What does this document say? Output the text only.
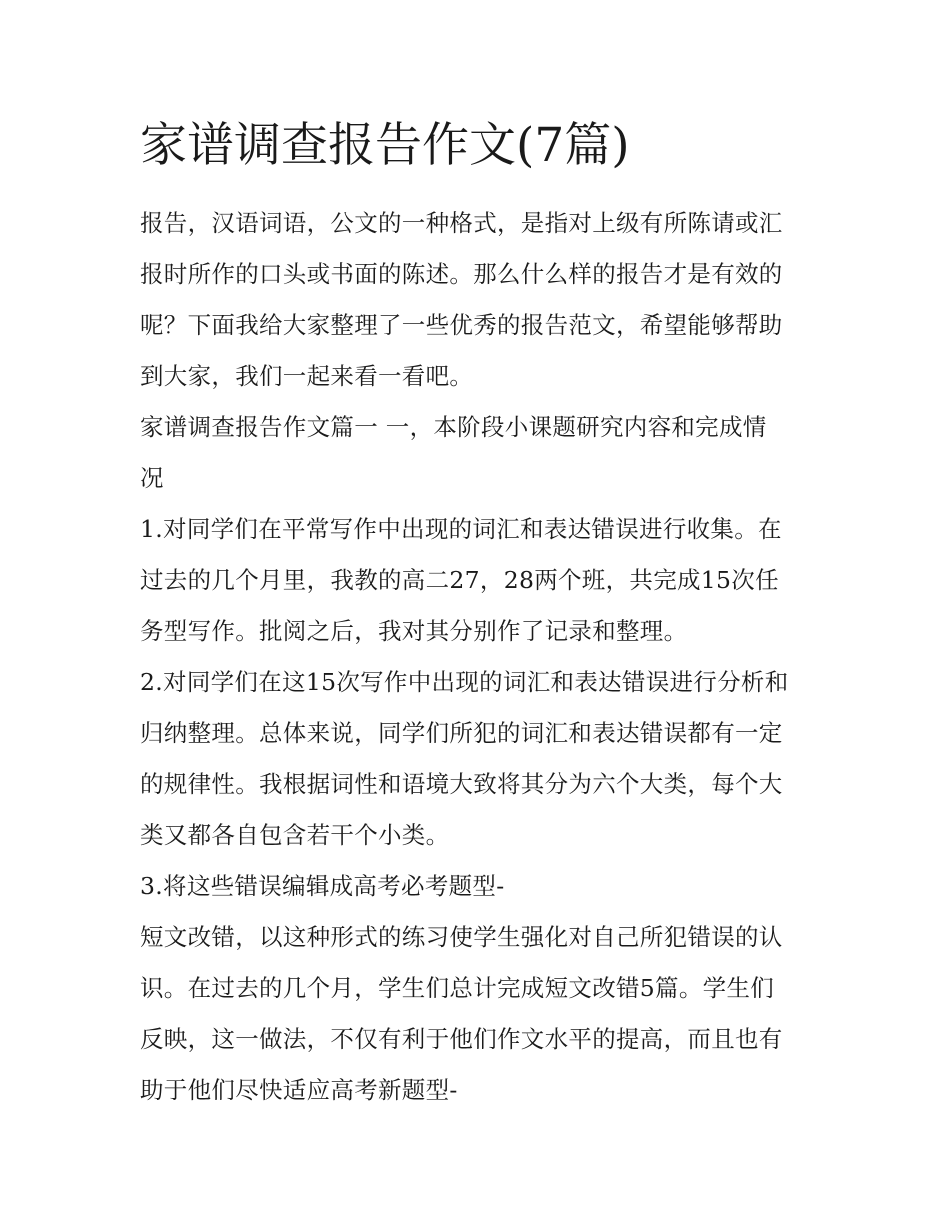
家谱调查报告作文(7篇)

报告，汉语词语，公文的一种格式，是指对上级有所陈请或汇
报时所作的口头或书面的陈述。那么什么样的报告才是有效的
呢？下面我给大家整理了一些优秀的报告范文，希望能够帮助
到大家，我们一起来看一看吧。

家谱调查报告作文篇一 一，本阶段小课题研究内容和完成情
况

1.对同学们在平常写作中出现的词汇和表达错误进行收集。在
过去的几个月里，我教的高二27，28两个班，共完成15次任
务型写作。批阅之后，我对其分别作了记录和整理。

2.对同学们在这15次写作中出现的词汇和表达错误进行分析和
归纳整理。总体来说，同学们所犯的词汇和表达错误都有一定
的规律性。我根据词性和语境大致将其分为六个大类，每个大
类又都各自包含若干个小类。

3.将这些错误编辑成高考必考题型-

短文改错，以这种形式的练习使学生强化对自己所犯错误的认
识。在过去的几个月，学生们总计完成短文改错5篇。学生们
反映，这一做法，不仅有利于他们作文水平的提高，而且也有
助于他们尽快适应高考新题型-
